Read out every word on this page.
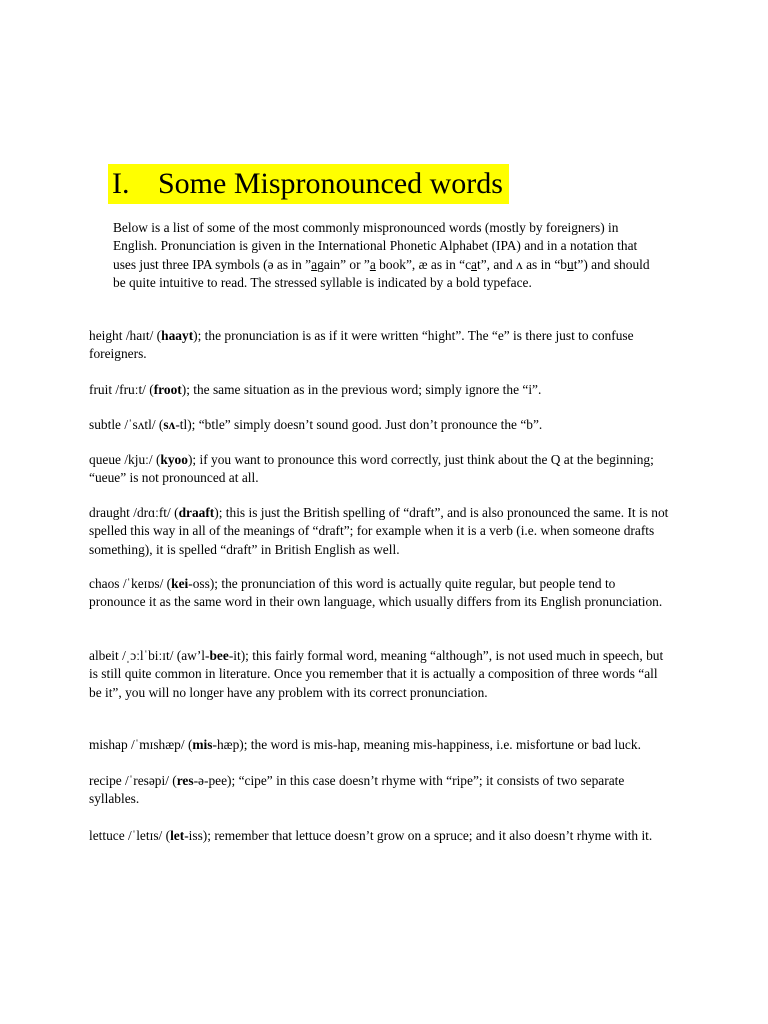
I. Some Mispronounced words

Below is a list of some of the most commonly mispronounced words (mostly by foreigners) in English. Pronunciation is given in the International Phonetic Alphabet (IPA) and in a notation that uses just three IPA symbols (ə as in ”again” or ”a book”, æ as in “cat”, and ʌ as in “but”) and should be quite intuitive to read. The stressed syllable is indicated by a bold typeface.

height /haɪt/ (haayt); the pronunciation is as if it were written “hight”. The “e” is there just to confuse foreigners.

fruit /fruːt/ (froot); the same situation as in the previous word; simply ignore the “i”.

subtle /ˈsʌtl/ (sʌ-tl); “btle” simply doesn’t sound good. Just don’t pronounce the “b”.

queue /kjuː/ (kyoo); if you want to pronounce this word correctly, just think about the Q at the beginning; “ueue” is not pronounced at all.

draught /drɑːft/ (draaft); this is just the British spelling of “draft”, and is also pronounced the same. It is not spelled this way in all of the meanings of “draft”; for example when it is a verb (i.e. when someone drafts something), it is spelled “draft” in British English as well.

chaos /ˈkeɪɒs/ (kei-oss); the pronunciation of this word is actually quite regular, but people tend to pronounce it as the same word in their own language, which usually differs from its English pronunciation.

albeit /ˌɔːlˈbiːɪt/ (aw’l-bee-it); this fairly formal word, meaning “although”, is not used much in speech, but is still quite common in literature. Once you remember that it is actually a composition of three words “all be it”, you will no longer have any problem with its correct pronunciation.

mishap /ˈmɪshæp/ (mis-hæp); the word is mis-hap, meaning mis-happiness, i.e. misfortune or bad luck.

recipe /ˈresəpi/ (res-ə-pee); “cipe” in this case doesn’t rhyme with “ripe”; it consists of two separate syllables.

lettuce /ˈletɪs/ (let-iss); remember that lettuce doesn’t grow on a spruce; and it also doesn’t rhyme with it.
